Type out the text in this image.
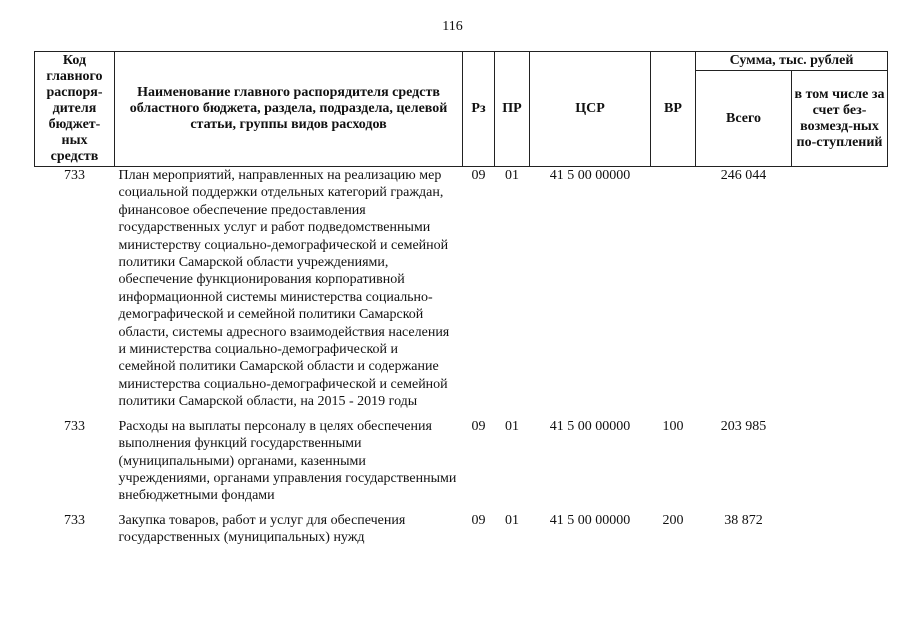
116
Код главного распоря-дителя бюджет-ных средств	Наименование главного распорядителя средств областного бюджета, раздела, подраздела, целевой статьи, группы видов расходов	Рз	ПР	ЦСР	ВР	Сумма, тыс. рублей	
						Всего	в том числе за счет без-возмезд-ных по-ступлений
733	План мероприятий, направленных на реализацию мер социальной поддержки отдельных категорий граждан, финансовое обеспечение предоставления государственных услуг и работ подведомственными министерству социально-демографической и семейной политики Самарской области учреждениями, обеспечение функционирования корпоративной информационной системы министерства социально-демографической и семейной политики Самарской области, системы адресного взаимодействия населения и министерства социально-демографической и семейной политики Самарской области и содержание министерства социально-демографической и семейной политики Самарской области, на 2015 - 2019 годы	09	01	41 5 00 00000		246 044	
733	Расходы на выплаты персоналу в целях обеспечения выполнения функций государственными (муниципальными) органами, казенными учреждениями, органами управления государственными внебюджетными фондами	09	01	41 5 00 00000	100	203 985	
733	Закупка товаров, работ и услуг для обеспечения государственных (муниципальных) нужд	09	01	41 5 00 00000	200	38 872	
